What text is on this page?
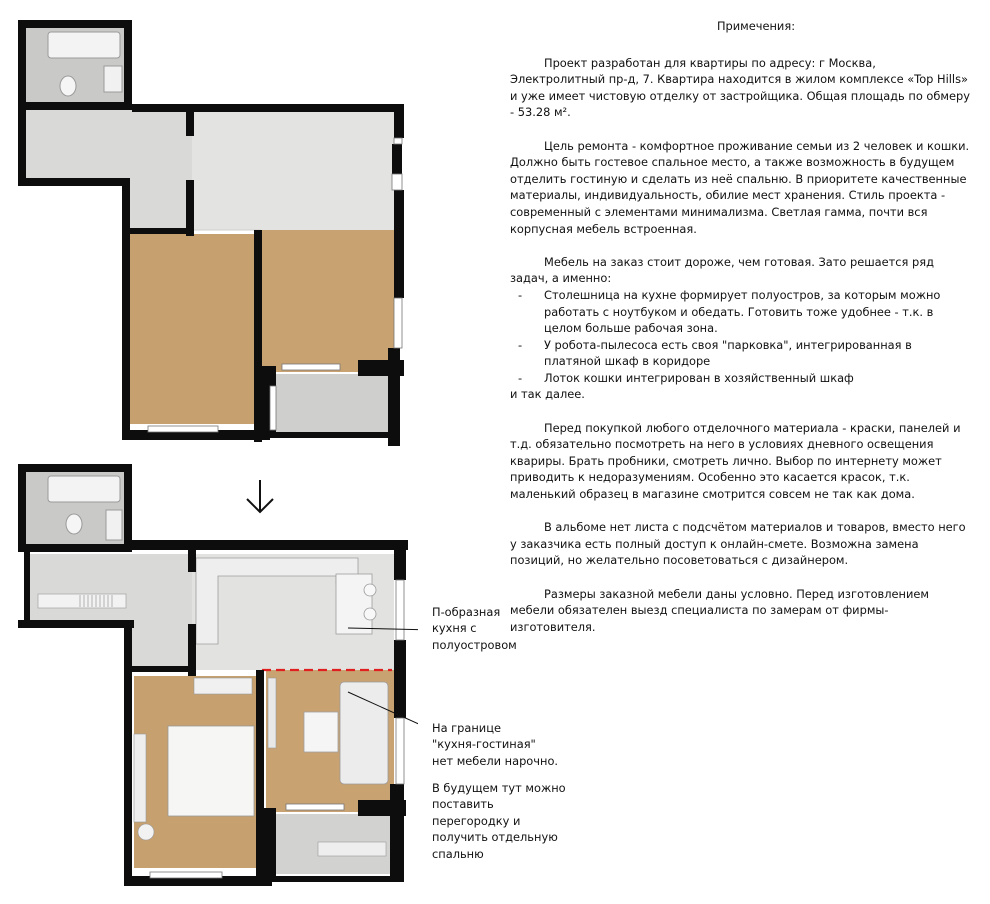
Примечения:

Проект разработан для квартиры по адресу: г Москва, Электролитный пр-д, 7. Квартира находится в жилом комплексе «Top Hills» и уже имеет чистовую отделку от застройщика. Общая площадь по обмеру - 53.28 м².

Цель ремонта - комфортное проживание семьи из 2 человек и кошки. Должно быть гостевое спальное место, а также возможность в будущем отделить гостиную и сделать из неё спальню. В приоритете качественные материалы, индивидуальность, обилие мест хранения. Стиль проекта - современный с элементами минимализма. Светлая гамма, почти вся корпусная мебель встроенная.

Мебель на заказ стоит дороже, чем готовая. Зато решается ряд задач, а именно:

- Столешница на кухне формирует полуостров, за которым можно работать с ноутбуком и обедать. Готовить тоже удобнее - т.к. в целом больше рабочая зона.
- У робота-пылесоса есть своя "парковка", интегрированная в платяной шкаф в коридоре
- Лоток кошки интегрирован в хозяйственный шкаф
и так далее.

Перед покупкой любого отделочного материала - краски, панелей и т.д. обязательно посмотреть на него в условиях дневного освещения квариры. Брать пробники, смотреть лично. Выбор по интернету может приводить к недоразумениям. Особенно это касается красок, т.к. маленький образец в магазине смотрится совсем не так как дома.

В альбоме нет листа с подсчётом материалов и товаров, вместо него у заказчика есть полный доступ к онлайн-смете. Возможна замена позиций, но желательно посоветоваться с дизайнером.

Размеры заказной мебели даны условно. Перед изготовлением мебели обязателен выезд специалиста по замерам от фирмы-изготовителя.

П-образная
кухня с
полуостровом
На границе
"кухня-гостиная"
нет мебели нарочно.
В будущем тут можно
поставить
перегородку и
получить отдельную
спальню
